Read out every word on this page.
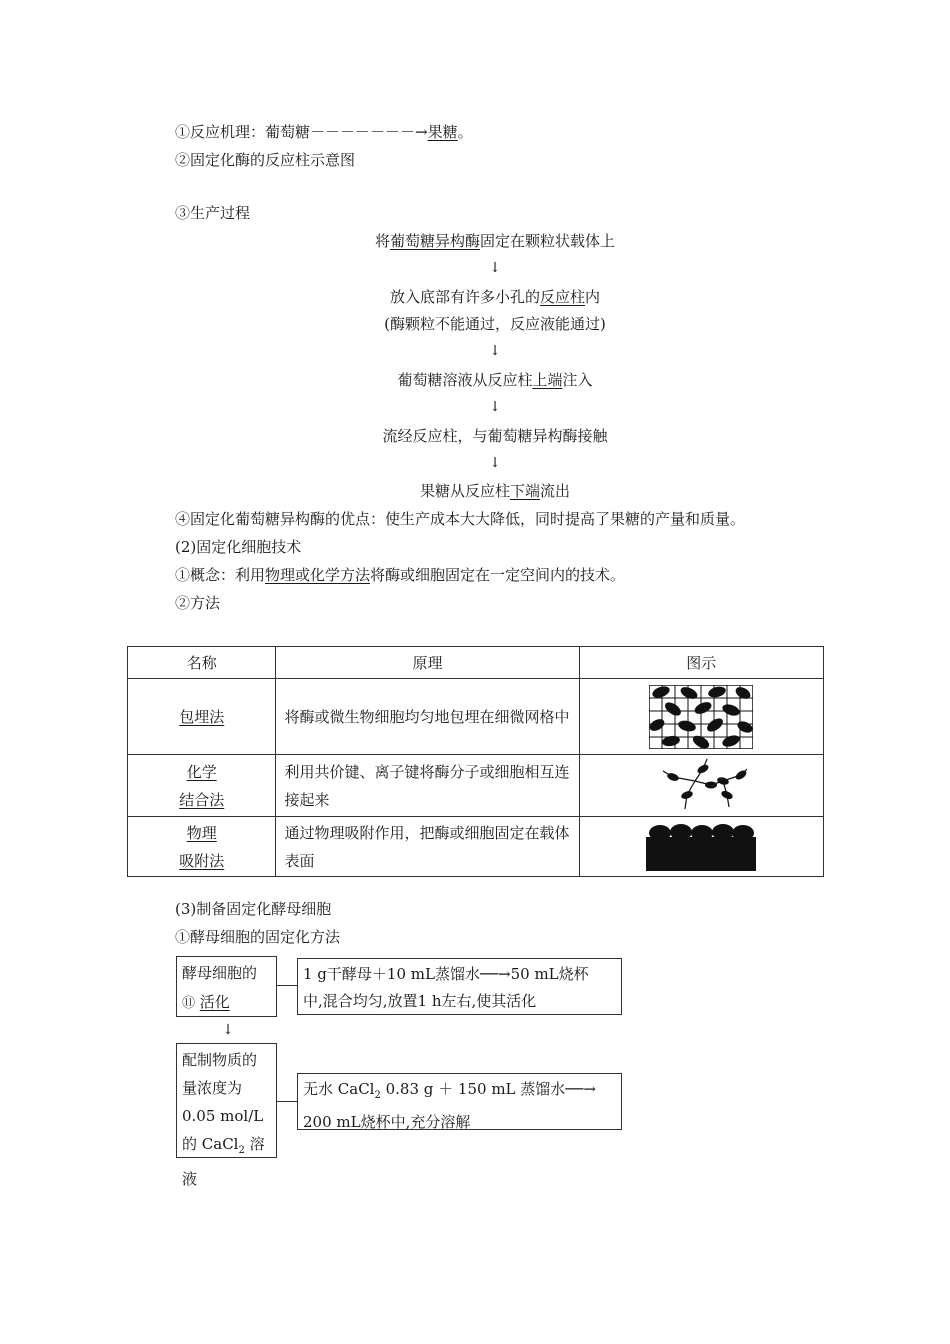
①反应机理：葡萄糖－－－－－－－→果糖。
②固定化酶的反应柱示意图
③生产过程
将葡萄糖异构酶固定在颗粒状载体上
↓
放入底部有许多小孔的反应柱内
(酶颗粒不能通过，反应液能通过)
↓
葡萄糖溶液从反应柱上端注入
↓
流经反应柱，与葡萄糖异构酶接触
↓
果糖从反应柱下端流出
④固定化葡萄糖异构酶的优点：使生产成本大大降低，同时提高了果糖的产量和质量。
(2)固定化细胞技术
①概念：利用物理或化学方法将酶或细胞固定在一定空间内的技术。
②方法
名称	原理	图示
包埋法	将酶或微生物细胞均匀地包埋在细微网格中	

化学
结合法	利用共价键、离子键将酶分子或细胞相互连接起来	

物理
吸附法	通过物理吸附作用，把酶或细胞固定在载体表面	
(3)制备固定化酵母细胞
①酵母细胞的固定化方法
酵母细胞的
⑪ 活化
1 g干酵母＋10 mL蒸馏水──→50 mL烧杯
中,混合均匀,放置1 h左右,使其活化
↓
配制物质的
量浓度为
0.05 mol/L
的 CaCl$_2$ 溶液
无水 CaCl$_2$ 0.83 g ＋ 150 mL 蒸馏水──→
200 mL烧杯中,充分溶解
